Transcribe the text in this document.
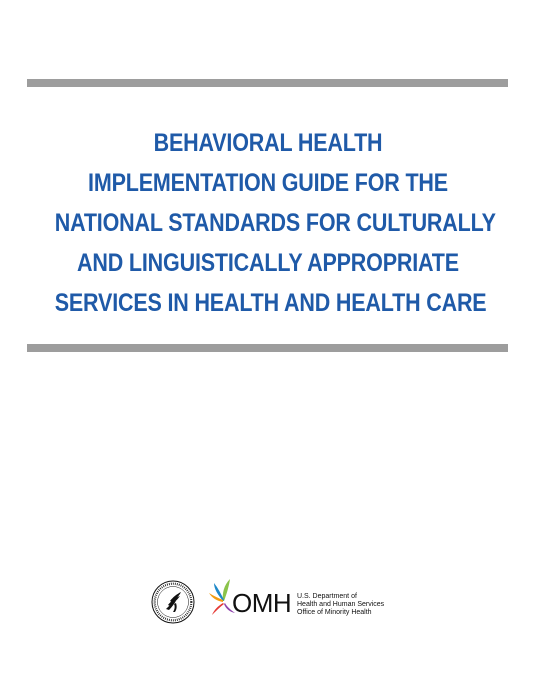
BEHAVIORAL HEALTH
IMPLEMENTATION GUIDE FOR THE
NATIONAL STANDARDS FOR CULTURALLY
AND LINGUISTICALLY APPROPRIATE
SERVICES IN HEALTH AND HEALTH CARE
OMH U.S. Department of
Health and Human Services
Office of Minority Health
